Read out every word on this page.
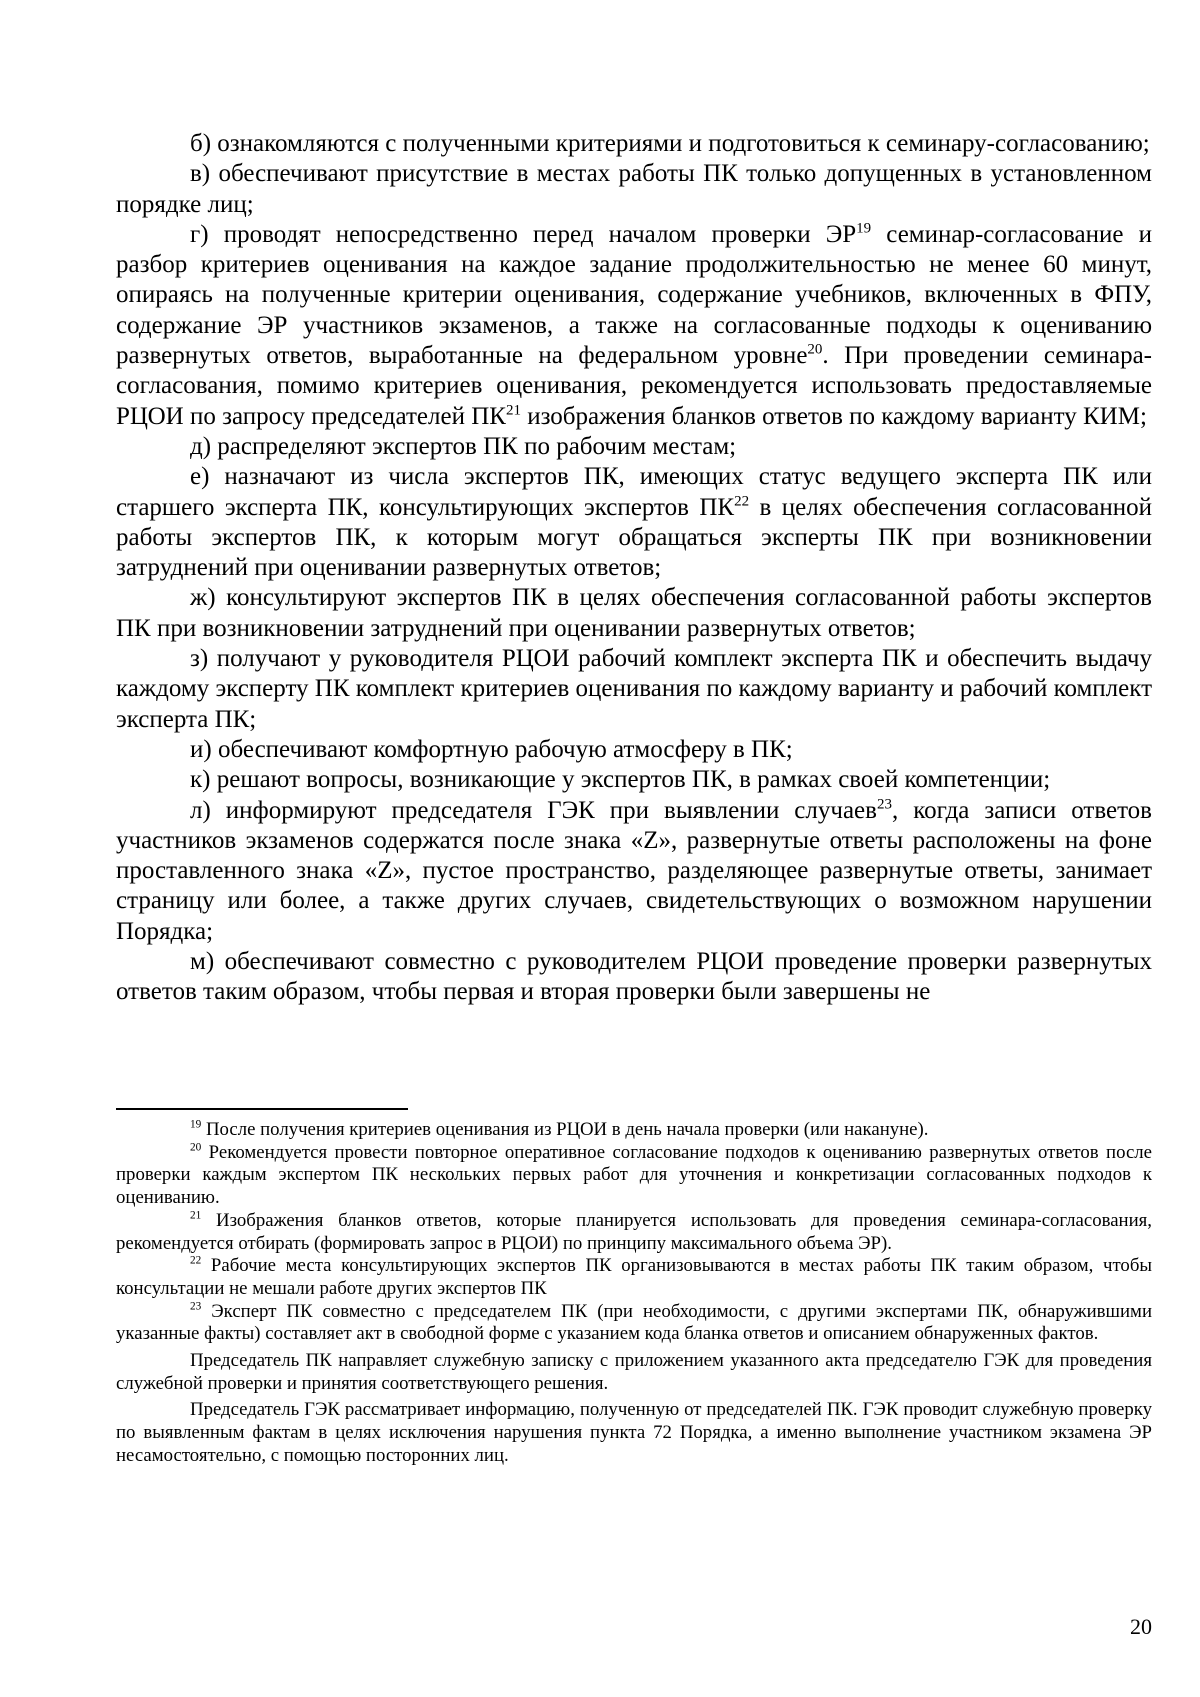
б) ознакомляются с полученными критериями и подготовиться к семинару-согласованию;

в) обеспечивают присутствие в местах работы ПК только допущенных в установленном порядке лиц;

г) проводят непосредственно перед началом проверки ЭР$^{19}$ семинар-согласование и разбор критериев оценивания на каждое задание продолжительностью не менее 60 минут, опираясь на полученные критерии оценивания, содержание учебников, включенных в ФПУ, содержание ЭР участников экзаменов, а также на согласованные подходы к оцениванию развернутых ответов, выработанные на федеральном уровне$^{20}$. При проведении семинара-согласования, помимо критериев оценивания, рекомендуется использовать предоставляемые РЦОИ по запросу председателей ПК$^{21}$ изображения бланков ответов по каждому варианту КИМ;

д) распределяют экспертов ПК по рабочим местам;

е) назначают из числа экспертов ПК, имеющих статус ведущего эксперта ПК или старшего эксперта ПК, консультирующих экспертов ПК$^{22}$ в целях обеспечения согласованной работы экспертов ПК, к которым могут обращаться эксперты ПК при возникновении затруднений при оценивании развернутых ответов;

ж) консультируют экспертов ПК в целях обеспечения согласованной работы экспертов ПК при возникновении затруднений при оценивании развернутых ответов;

з) получают у руководителя РЦОИ рабочий комплект эксперта ПК и обеспечить выдачу каждому эксперту ПК комплект критериев оценивания по каждому варианту и рабочий комплект эксперта ПК;

и) обеспечивают комфортную рабочую атмосферу в ПК;

к) решают вопросы, возникающие у экспертов ПК, в рамках своей компетенции;

л) информируют председателя ГЭК при выявлении случаев$^{23}$, когда записи ответов участников экзаменов содержатся после знака «Z», развернутые ответы расположены на фоне проставленного знака «Z», пустое пространство, разделяющее развернутые ответы, занимает страницу или более, а также других случаев, свидетельствующих о возможном нарушении Порядка;

м) обеспечивают совместно с руководителем РЦОИ проведение проверки развернутых ответов таким образом, чтобы первая и вторая проверки были завершены не

$^{19}$ После получения критериев оценивания из РЦОИ в день начала проверки (или накануне).

$^{20}$ Рекомендуется провести повторное оперативное согласование подходов к оцениванию развернутых ответов после проверки каждым экспертом ПК нескольких первых работ для уточнения и конкретизации согласованных подходов к оцениванию.

$^{21}$ Изображения бланков ответов, которые планируется использовать для проведения семинара-согласования, рекомендуется отбирать (формировать запрос в РЦОИ) по принципу максимального объема ЭР).

$^{22}$ Рабочие места консультирующих экспертов ПК организовываются в местах работы ПК таким образом, чтобы консультации не мешали работе других экспертов ПК

$^{23}$ Эксперт ПК совместно с председателем ПК (при необходимости, с другими экспертами ПК, обнаружившими указанные факты) составляет акт в свободной форме с указанием кода бланка ответов и описанием обнаруженных фактов.

Председатель ПК направляет служебную записку с приложением указанного акта председателю ГЭК для проведения служебной проверки и принятия соответствующего решения.

Председатель ГЭК рассматривает информацию, полученную от председателей ПК. ГЭК проводит служебную проверку по выявленным фактам в целях исключения нарушения пункта 72 Порядка, а именно выполнение участником экзамена ЭР несамостоятельно, с помощью посторонних лиц.

20
